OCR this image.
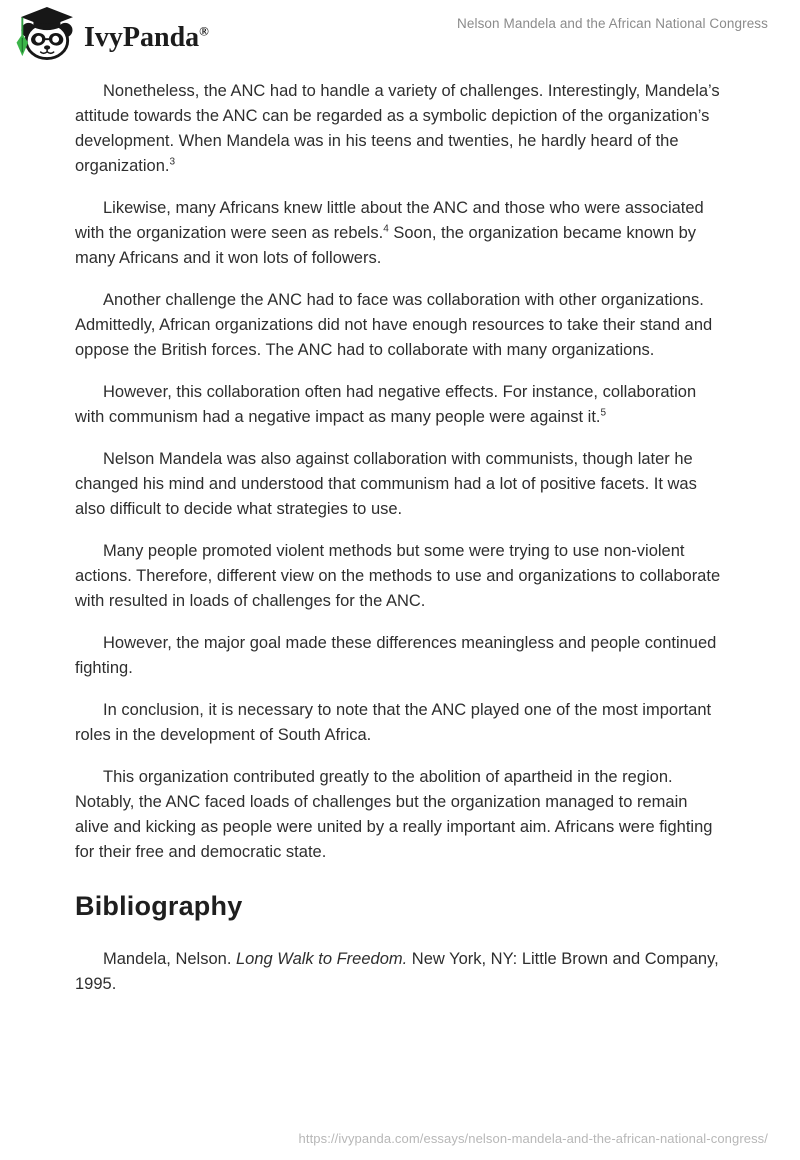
IvyPanda®
Nelson Mandela and the African National Congress

Nonetheless, the ANC had to handle a variety of challenges. Interestingly, Mandela’s attitude towards the ANC can be regarded as a symbolic depiction of the organization’s development. When Mandela was in his teens and twenties, he hardly heard of the organization.$^3$

Likewise, many Africans knew little about the ANC and those who were associated with the organization were seen as rebels.$^4$ Soon, the organization became known by many Africans and it won lots of followers.

Another challenge the ANC had to face was collaboration with other organizations. Admittedly, African organizations did not have enough resources to take their stand and oppose the British forces. The ANC had to collaborate with many organizations.

However, this collaboration often had negative effects. For instance, collaboration with communism had a negative impact as many people were against it.$^5$

Nelson Mandela was also against collaboration with communists, though later he changed his mind and understood that communism had a lot of positive facets. It was also difficult to decide what strategies to use.

Many people promoted violent methods but some were trying to use non-violent actions. Therefore, different view on the methods to use and organizations to collaborate with resulted in loads of challenges for the ANC.

However, the major goal made these differences meaningless and people continued fighting.

In conclusion, it is necessary to note that the ANC played one of the most important roles in the development of South Africa.

This organization contributed greatly to the abolition of apartheid in the region. Notably, the ANC faced loads of challenges but the organization managed to remain alive and kicking as people were united by a really important aim. Africans were fighting for their free and democratic state.

Bibliography

Mandela, Nelson. Long Walk to Freedom. New York, NY: Little Brown and Company, 1995.

https://ivypanda.com/essays/nelson-mandela-and-the-african-national-congress/
